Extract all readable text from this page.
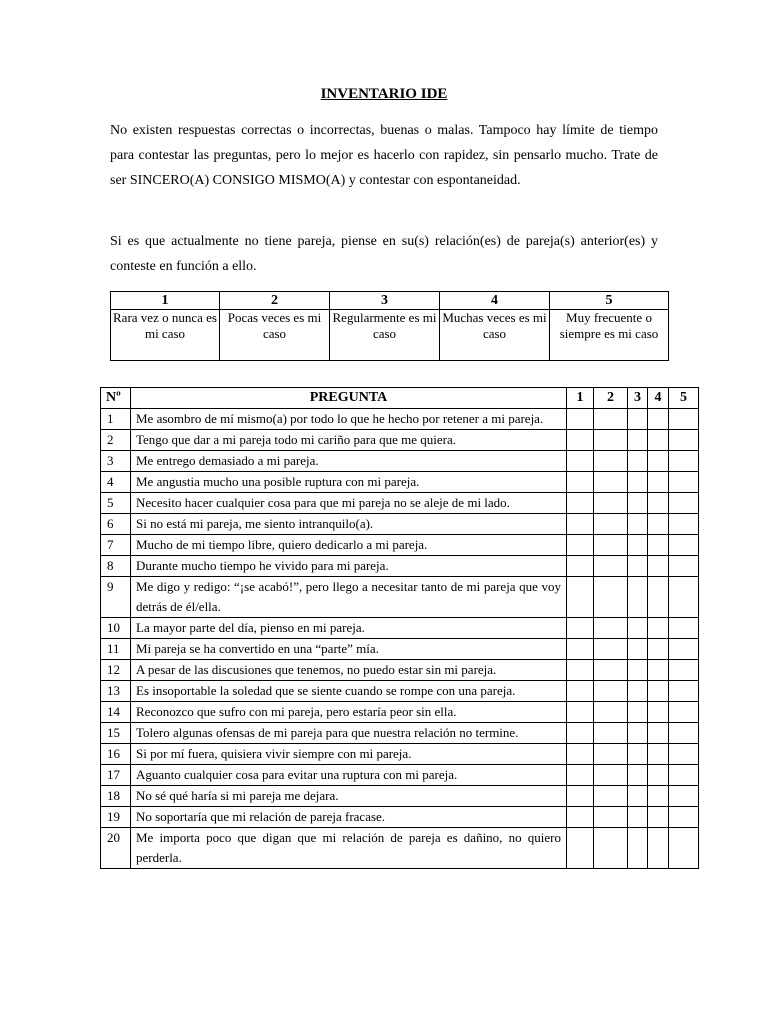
INVENTARIO IDE
No existen respuestas correctas o incorrectas, buenas o malas. Tampoco hay límite de tiempo para contestar las preguntas, pero lo mejor es hacerlo con rapidez, sin pensarlo mucho. Trate de ser SINCERO(A) CONSIGO MISMO(A) y contestar con espontaneidad.
Si es que actualmente no tiene pareja, piense en su(s) relación(es) de pareja(s) anterior(es) y conteste en función a ello.
1	2	3	4	5
Rara vez o nunca es mi caso	Pocas veces es mi caso	Regularmente es mi caso	Muchas veces es mi caso	Muy frecuente o siempre es mi caso
Nº	PREGUNTA	1	2	3	4	5
1	Me asombro de mí mismo(a) por todo lo que he hecho por retener a mi pareja.					
2	Tengo que dar a mi pareja todo mi cariño para que me quiera.					
3	Me entrego demasiado a mi pareja.					
4	Me angustia mucho una posible ruptura con mi pareja.					
5	Necesito hacer cualquier cosa para que mi pareja no se aleje de mi lado.					
6	Si no está mi pareja, me siento intranquilo(a).					
7	Mucho de mi tiempo libre, quiero dedicarlo a mi pareja.					
8	Durante mucho tiempo he vivido para mi pareja.					
9	Me digo y redigo: “¡se acabó!”, pero llego a necesitar tanto de mi pareja que voy detrás de él/ella.					
10	La mayor parte del día, pienso en mi pareja.					
11	Mi pareja se ha convertido en una “parte” mía.					
12	A pesar de las discusiones que tenemos, no puedo estar sin mi pareja.					
13	Es insoportable la soledad que se siente cuando se rompe con una pareja.					
14	Reconozco que sufro con mi pareja, pero estaría peor sin ella.					
15	Tolero algunas ofensas de mi pareja para que nuestra relación no termine.					
16	Si por mí fuera, quisiera vivir siempre con mi pareja.					
17	Aguanto cualquier cosa para evitar una ruptura con mi pareja.					
18	No sé qué haría si mi pareja me dejara.					
19	No soportaría que mi relación de pareja fracase.					
20	Me importa poco que digan que mi relación de pareja es dañino, no quiero perderla.					
